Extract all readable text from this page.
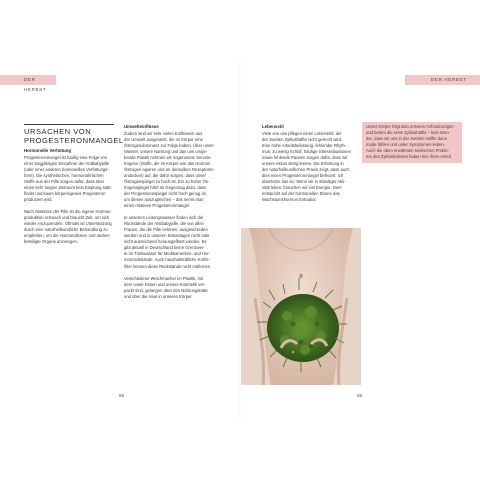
DER HERBST
DER HERBST
URSACHEN VON
PROGESTERONMANGEL

Hormonelle Verhütung

Progesteronmangel ist häufig eine Folge von

einer langjährigen Einnahme der Antibabypille

(oder einer anderen hormonellen Verhütungs-

form). Die synthetischen, hormonähnlichen

Stoffe aus der Pille sorgen dafür, dass über

einen sehr langen Zeitraum kein Eisprung statt-

findet und kaum körpereigenes Progesteron

produziert wird.

Nach Absetzen der Pille ist die eigene Hormon-

produktion schwach und braucht Zeit, um sich

wieder einzupendeln. Oftmals ist Unterstützung

durch eine naturheilkundliche Behandlung zu

empfehlen, um die Hormondrüsen und andere

beteiligte Organe anzuregen.

Umwelteinflüsse

Zudem sind wir sehr vielen Einflüssen aus

der Umwelt ausgesetzt, die im Körper eine

Östrogendominanz zur Folge haben. Über unser

Wasser, unsere Nahrung und das uns umge-

bende Plastik nehmen wir sogenannte Xenoös-

trogene (Stoffe, die im Körper wie das Hormon

Östrogen agieren und an denselben Rezeptoren

andocken) auf, die dafür sorgen, dass unser

Östrogenspiegel zu hoch ist. Ein zu hoher Ös-

trogenspiegel führt im Gegenzug dazu, dass

der Progesteronspiegel nicht hoch genug ist,

um diesen auszugleichen – das nennt man

einen relativen Progesteronmangel.

In unserem Leitungswasser finden sich die

Rückstände der Antibabypille, die von allen

Frauen, die die Pille nehmen, ausgeschieden

werden und in unseren Kläranlagen nicht oder

nicht ausreichend herausgefiltert werden. Es

gibt aktuell in Deutschland keine Grenzwer-

te im Trinkwasser für Medikamenten- und Hor-

monrückstände. Auch haushaltsübliche Kohle-

filter können diese Rückstände nicht entfernen.

Verschiedene Weichmacher im Plastik, mit

dem unser Essen und unsere Kosmetik ver-

packt sind, gelangen über den Nahrungstrakt

und über die Haut in unseren Körper.

Lebensstil

Viele von uns pflegen einen Lebensstil, der

der zweiten Zyklushälfte nicht gerecht wird.

Eine hohe Arbeitsbelastung, fehlender Rhyth-

mus, zu wenig Schlaf, häufige Stresssituationen

sowie fehlende Pausen sorgen dafür, dass wir

unsere Akkus stetig leeren. Die Erfahrung in

der naturheilkundlichen Praxis zeigt, dass auch

dies einen Progesteronmangel befeuert. Ich

übersetze das so: Wenn wir in ständiger Akti-

vität leben, brauchen wir viel Energie. Dem

entspricht auf der hormonellen Ebene das

Wachstumshormon Estradiol.

Unser Körper folgt also unseren Anforderungen

und betont die erste Zyklushälfte – kein Wun-

der, dass wir uns in der zweiten Hälfte dann

müde fühlen und unter Symptomen leiden.

Auch die oben erwähnten seelischen Proble-

me des Zyklushebotes haben hier ihren Anteil.

68	69
